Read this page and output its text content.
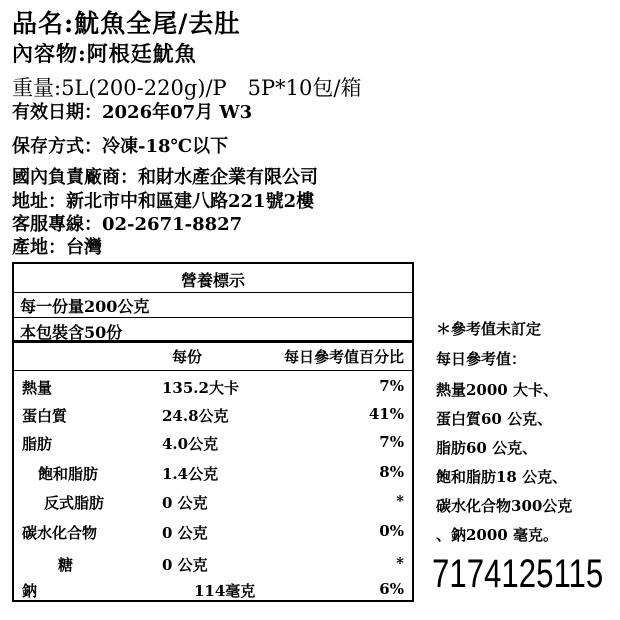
品名:魷魚全尾/去肚
內容物:阿根廷魷魚
重量:5L(200-220g)/P　5P*10包/箱
有效日期：2026年07月 W3
保存方式：冷凍-18℃以下
國內負責廠商：和財水產企業有限公司
地址：新北市中和區建八路221號2樓
客服專線：02-2671-8827
產地：台灣
營養標示
每一份量200公克
本包裝含50份
每份	每日參考值百分比
熱量	135.2大卡	7%
蛋白質	24.8公克	41%
脂肪	4.0公克	7%
飽和脂肪	1.4公克	8%
反式脂肪	0 公克	*
碳水化合物	0 公克	0%
糖	0 公克	*
鈉	114毫克	6%
＊參考值未訂定
每日參考值：
熱量2000 大卡、
蛋白質60 公克、
脂肪60 公克、
飽和脂肪18 公克、
碳水化合物300公克
、鈉2000 毫克。
7174125115
